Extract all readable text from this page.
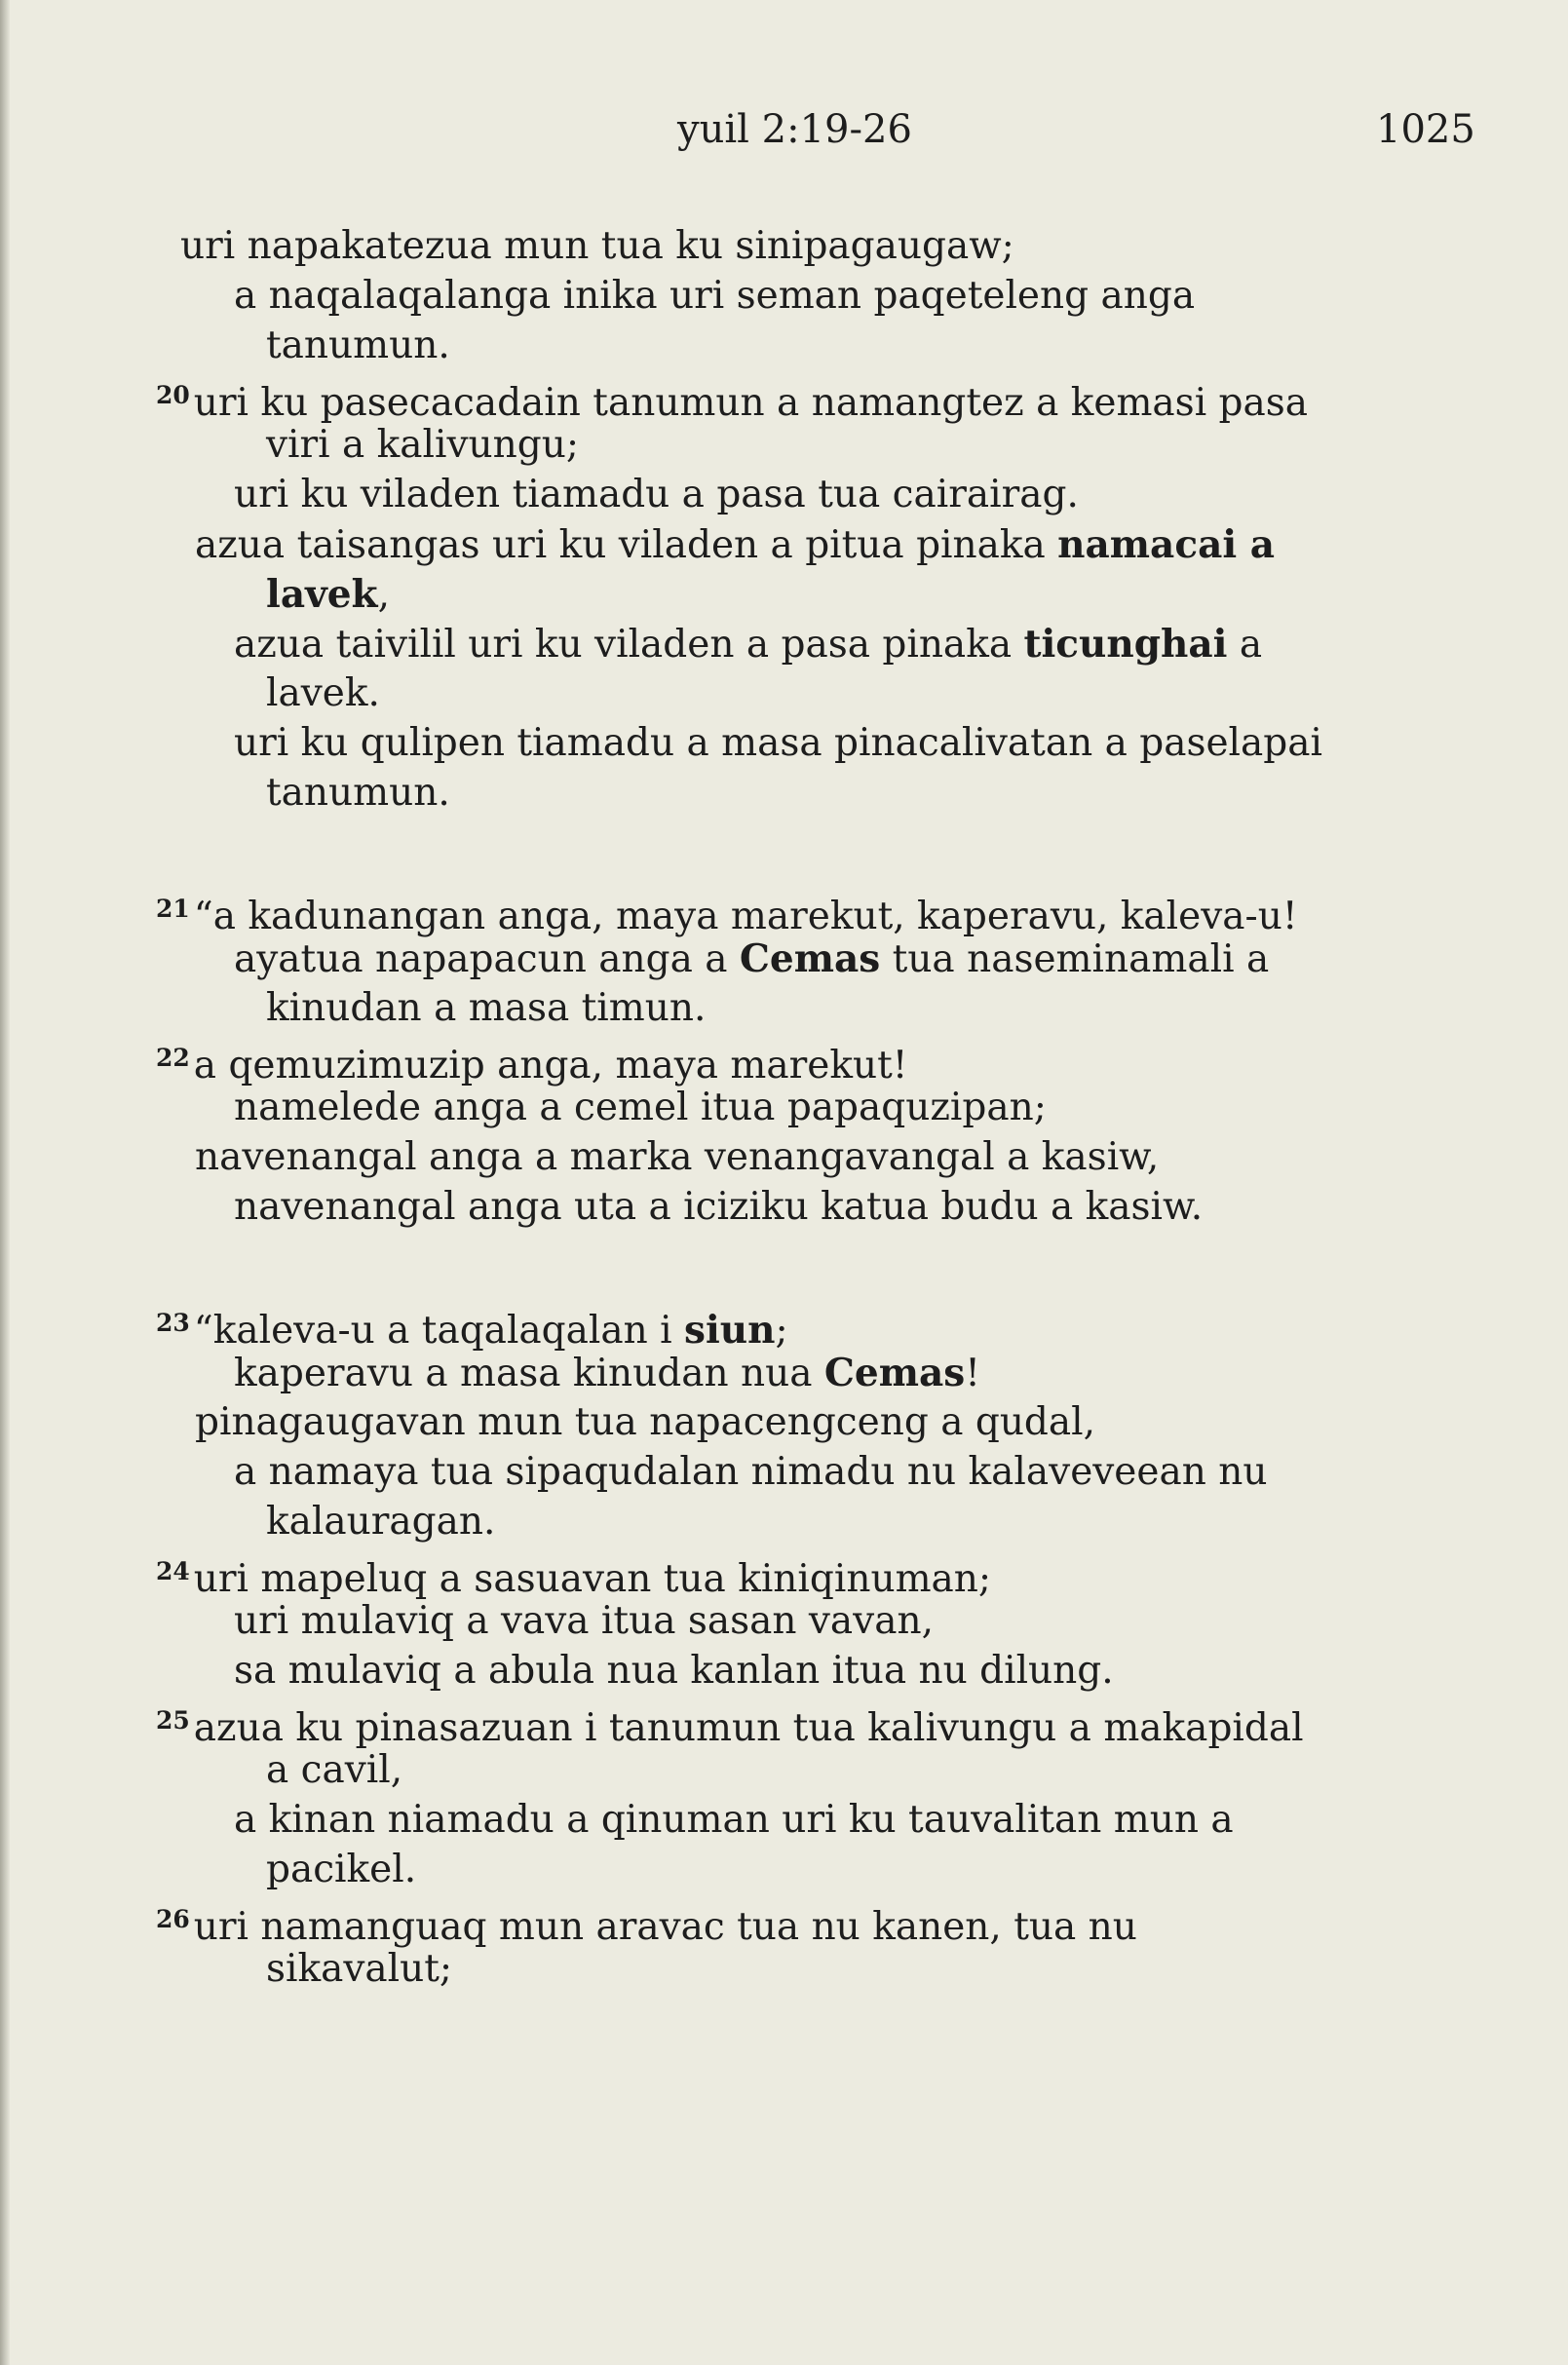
yuil 2:19-26	1025
uri napakatezua mun tua ku sinipagaugaw;
a naqalaqalanga inika uri seman paqeteleng anga
tanumun.
$^{20}$ uri ku pasecacadain tanumun a namangtez a kemasi pasa
viri a kalivungu;
uri ku viladen tiamadu a pasa tua cairairag.
azua taisangas uri ku viladen a pitua pinaka namacai a
lavek,
azua taivilil uri ku viladen a pasa pinaka ticunghai a
lavek.
uri ku qulipen tiamadu a masa pinacalivatan a paselapai
tanumun.
$^{21}$ “a kadunangan anga, maya marekut, kaperavu, kaleva-u!
ayatua napapacun anga a Cemas tua naseminamali a
kinudan a masa timun.
$^{22}$ a qemuzimuzip anga, maya marekut!
namelede anga a cemel itua papaquzipan;
navenangal anga a marka venangavangal a kasiw,
navenangal anga uta a iciziku katua budu a kasiw.
$^{23}$ “kaleva-u a taqalaqalan i siun;
kaperavu a masa kinudan nua Cemas!
pinagaugavan mun tua napacengceng a qudal,
a namaya tua sipaqudalan nimadu nu kalaveveean nu
kalauragan.
$^{24}$ uri mapeluq a sasuavan tua kiniqinuman;
uri mulaviq a vava itua sasan vavan,
sa mulaviq a abula nua kanlan itua nu dilung.
$^{25}$ azua ku pinasazuan i tanumun tua kalivungu a makapidal
a cavil,
a kinan niamadu a qinuman uri ku tauvalitan mun a
pacikel.
$^{26}$ uri namanguaq mun aravac tua nu kanen, tua nu
sikavalut;
